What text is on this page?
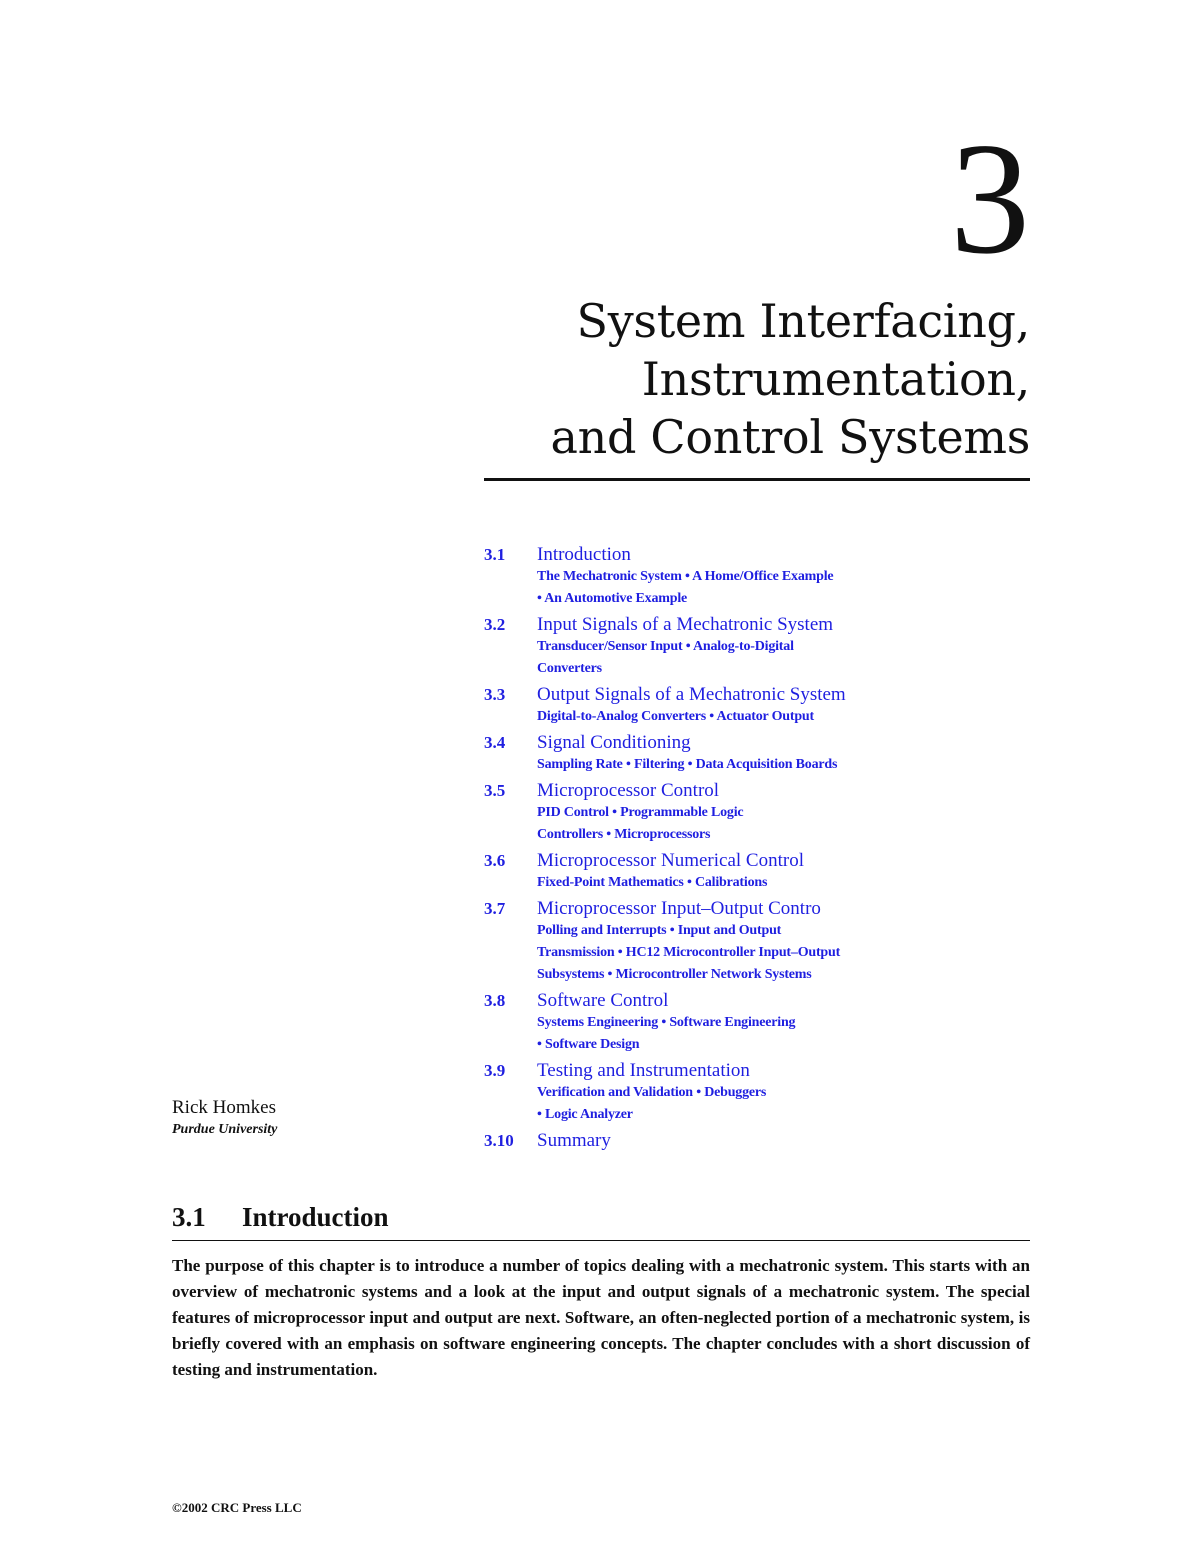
3
System Interfacing,
Instrumentation,
and Control Systems
3.1	Introduction
The Mechatronic System • A Home/Office Example
• An Automotive Example
3.2	Input Signals of a Mechatronic System
Transducer/Sensor Input • Analog-to-Digital
Converters
3.3	Output Signals of a Mechatronic System
Digital-to-Analog Converters • Actuator Output
3.4	Signal Conditioning
Sampling Rate • Filtering • Data Acquisition Boards
3.5	Microprocessor Control
PID Control • Programmable Logic
Controllers • Microprocessors
3.6	Microprocessor Numerical Control
Fixed-Point Mathematics • Calibrations
3.7	Microprocessor Input–Output Contro
Polling and Interrupts • Input and Output
Transmission • HC12 Microcontroller Input–Output
Subsystems • Microcontroller Network Systems
3.8	Software Control
Systems Engineering • Software Engineering
• Software Design
3.9	Testing and Instrumentation
Verification and Validation • Debuggers
• Logic Analyzer
3.10	Summary
Rick Homkes
Purdue University
3.1 Introduction

The purpose of this chapter is to introduce a number of topics dealing with a mechatronic system. This starts with an overview of mechatronic systems and a look at the input and output signals of a mechatronic system. The special features of microprocessor input and output are next. Software, an often-neglected portion of a mechatronic system, is briefly covered with an emphasis on software engineering concepts. The chapter concludes with a short discussion of testing and instrumentation.

©2002 CRC Press LLC
